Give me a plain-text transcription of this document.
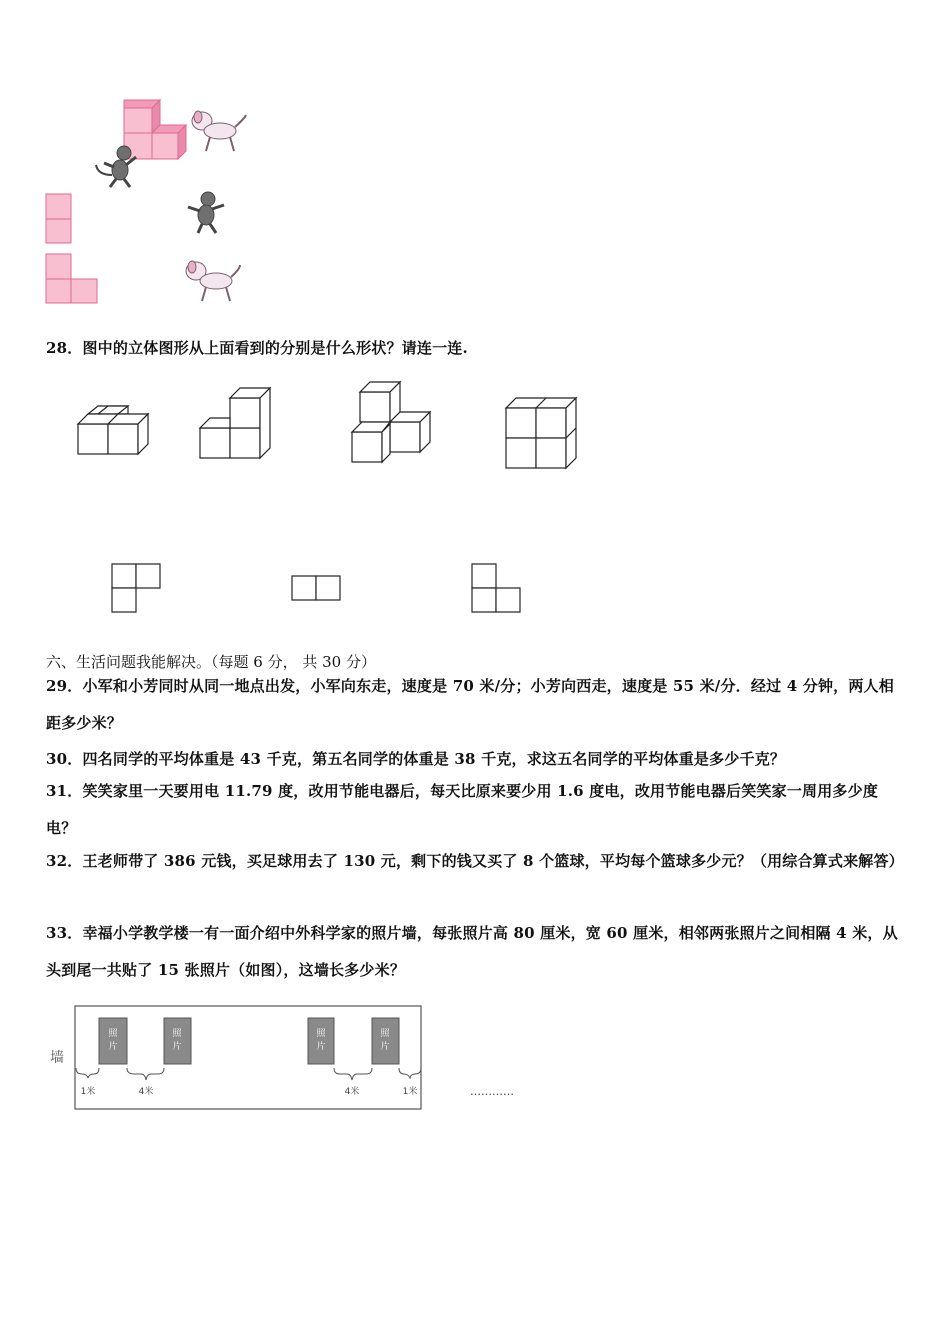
28．图中的立体图形从上面看到的分别是什么形状？请连一连.
六、生活问题我能解决。（每题 6 分， 共 30 分）
29．小军和小芳同时从同一地点出发，小军向东走，速度是 70 米/分；小芳向西走，速度是 55 米/分．经过 4 分钟，两人相距多少米？
30．四名同学的平均体重是 43 千克，第五名同学的体重是 38 千克，求这五名同学的平均体重是多少千克？
31．笑笑家里一天要用电 11.79 度，改用节能电器后，每天比原来要少用 1.6 度电，改用节能电器后笑笑家一周用多少度电？
32．王老师带了 386 元钱，买足球用去了 130 元，剩下的钱又买了 8 个篮球，平均每个篮球多少元？（用综合算式来解答）
33．幸福小学教学楼一有一面介绍中外科学家的照片墙，每张照片高 80 厘米，宽 60 厘米，相邻两张照片之间相隔 4 米，从头到尾一共贴了 15 张照片（如图），这墙长多少米？
墙
照
片
照
片
照
片
照
片
1米	4米	4米	1米	…………
